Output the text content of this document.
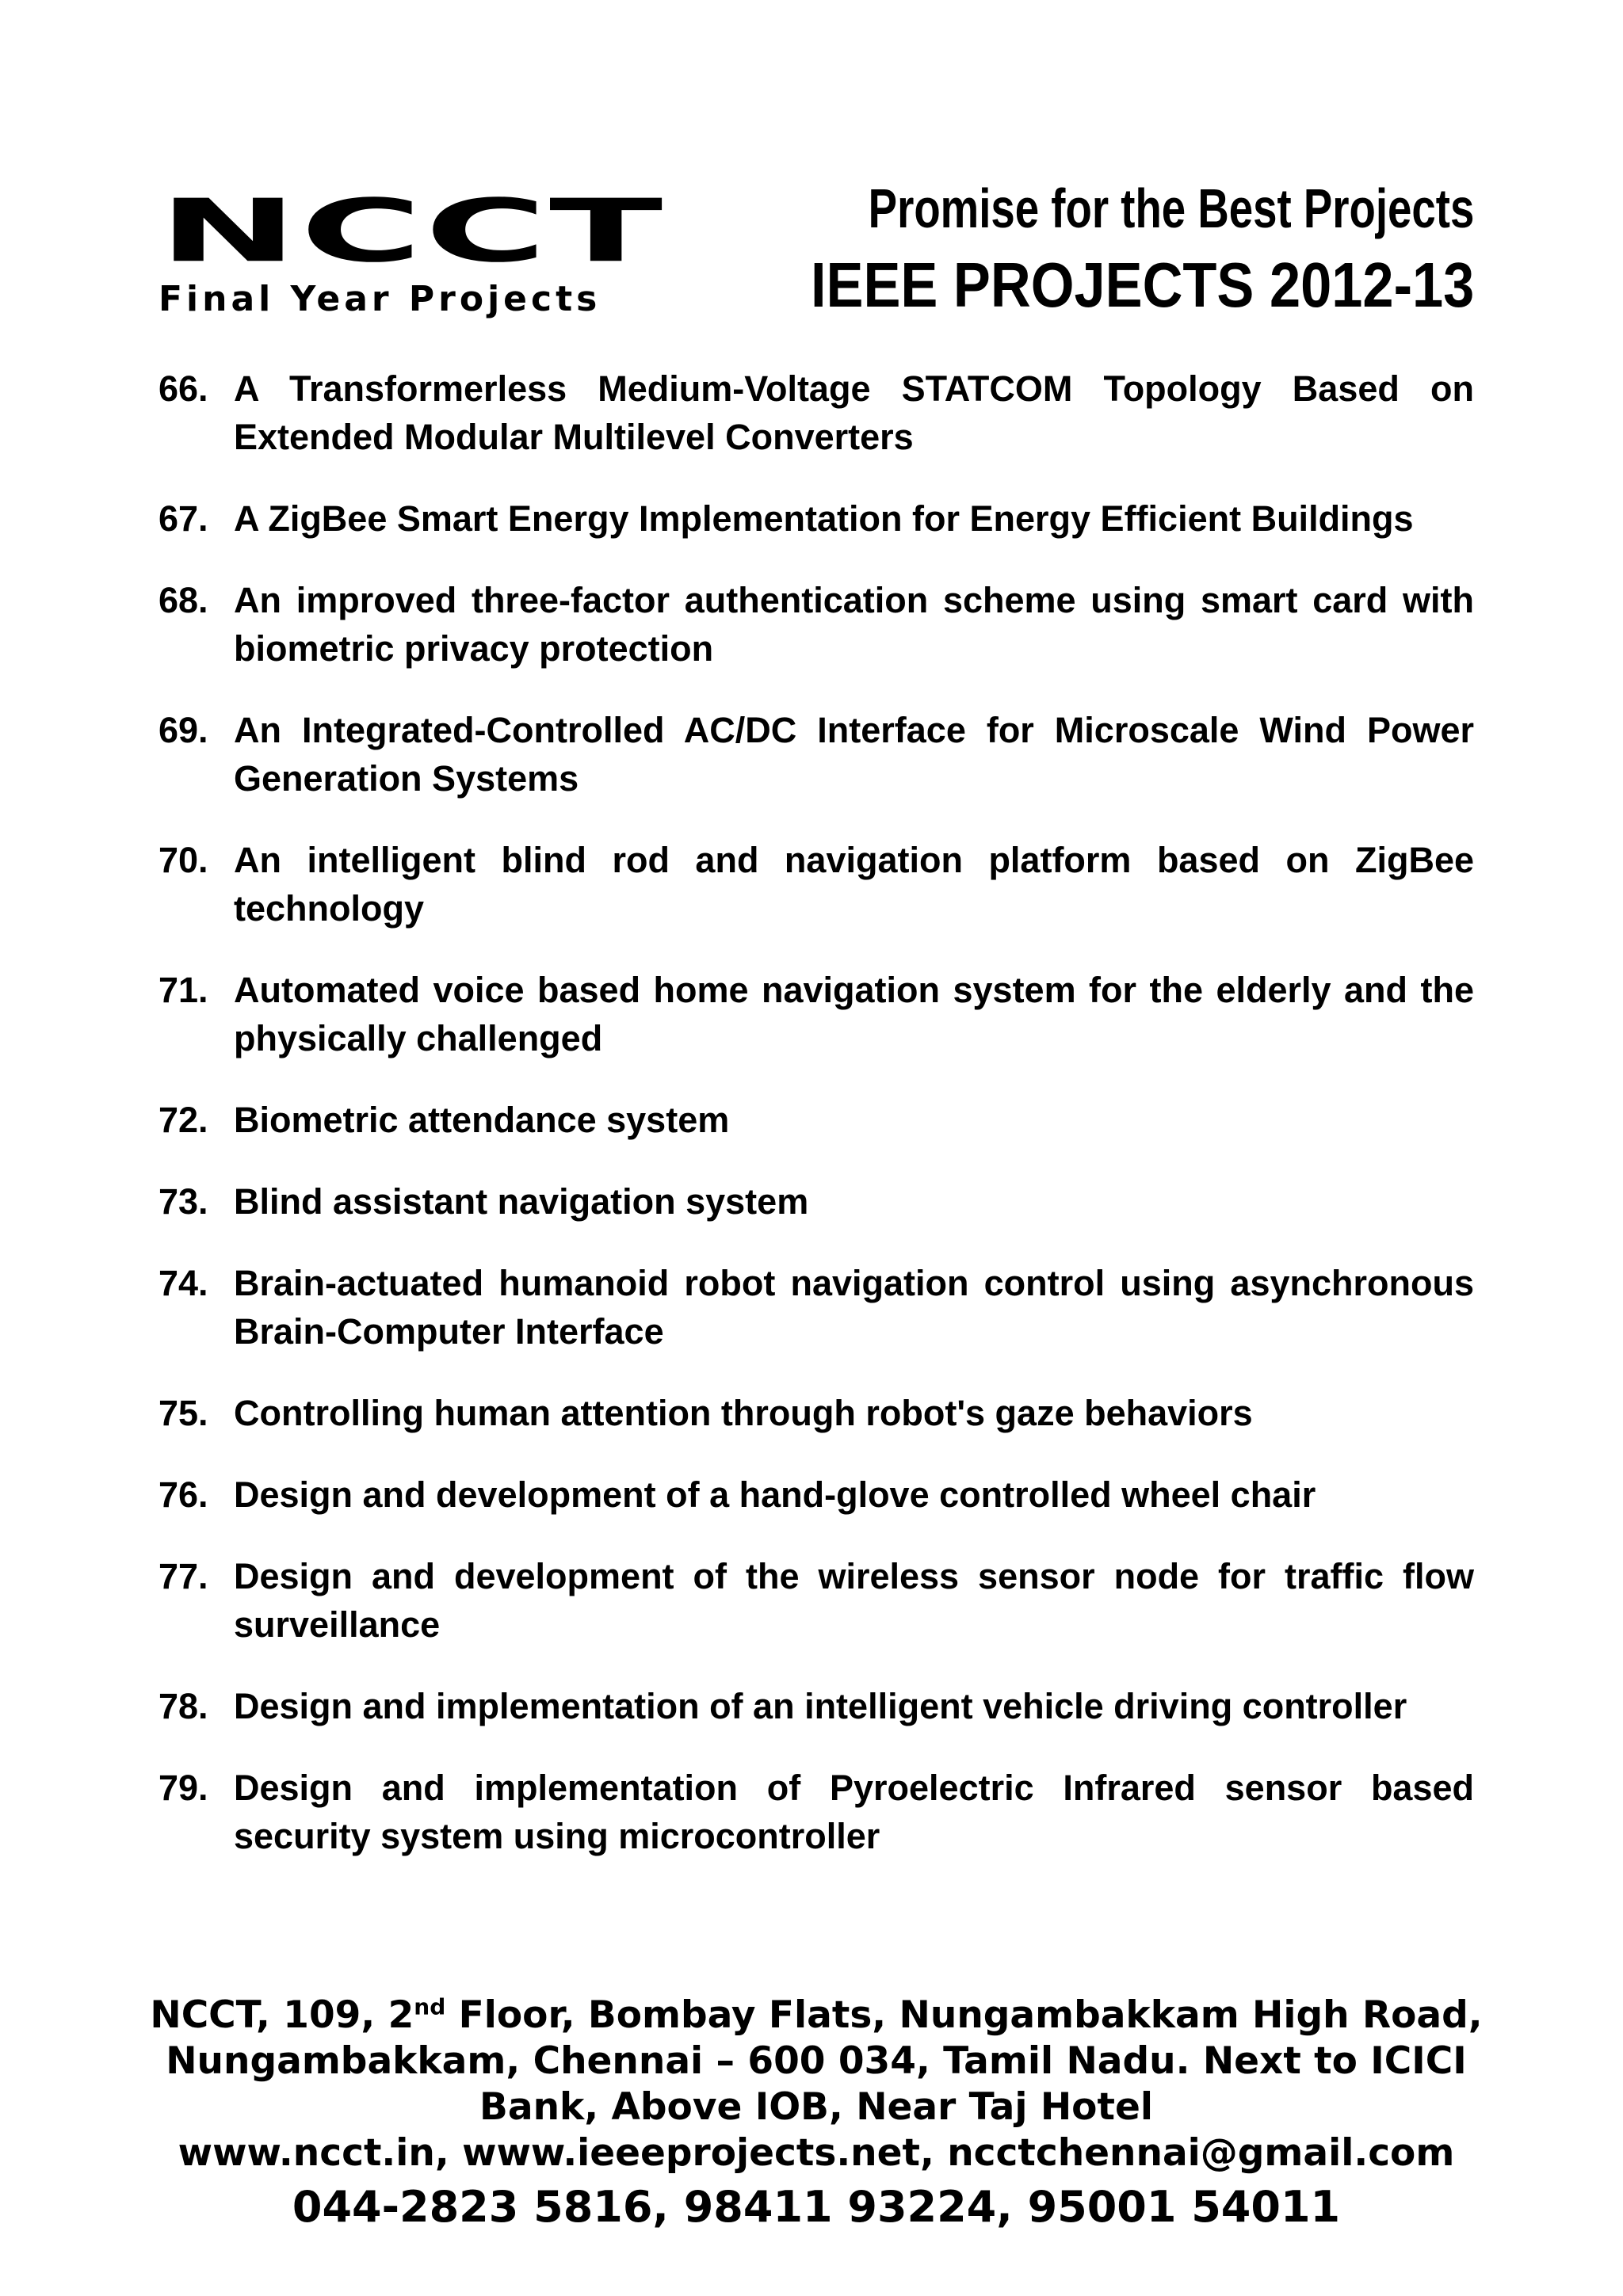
NCCT
Final Year Projects
Promise for the Best Projects
IEEE PROJECTS 2012-13
66. A Transformerless Medium-Voltage STATCOM Topology Based on Extended Modular Multilevel Converters
67. A ZigBee Smart Energy Implementation for Energy Efficient Buildings
68. An improved three-factor authentication scheme using smart card with biometric privacy protection
69. An Integrated-Controlled AC/DC Interface for Microscale Wind Power Generation Systems
70. An intelligent blind rod and navigation platform based on ZigBee technology
71. Automated voice based home navigation system for the elderly and the physically challenged
72. Biometric attendance system
73. Blind assistant navigation system
74. Brain-actuated humanoid robot navigation control using asynchronous Brain-Computer Interface
75. Controlling human attention through robot's gaze behaviors
76. Design and development of a hand-glove controlled wheel chair
77. Design and development of the wireless sensor node for traffic flow surveillance
78. Design and implementation of an intelligent vehicle driving controller
79. Design and implementation of Pyroelectric Infrared sensor based security system using microcontroller
NCCT, 109, 2nd Floor, Bombay Flats, Nungambakkam High Road, Nungambakkam, Chennai – 600 034, Tamil Nadu. Next to ICICI Bank, Above IOB, Near Taj Hotel
www.ncct.in, www.ieeeprojects.net, ncctchennai@gmail.com
044-2823 5816, 98411 93224, 95001 54011
